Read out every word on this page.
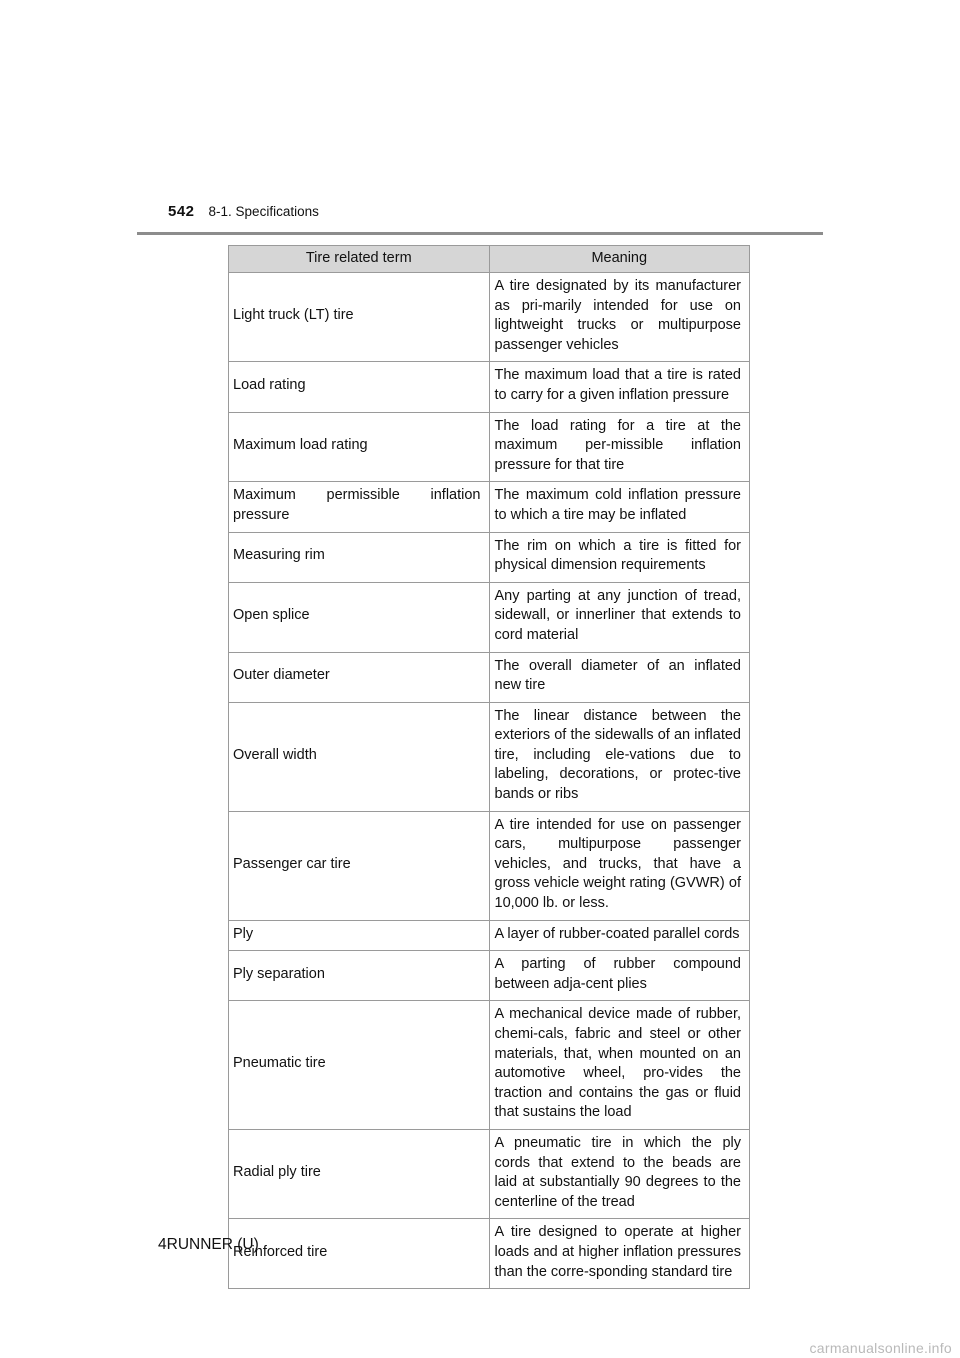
542 8-1. Specifications
Tire related term	Meaning
Light truck (LT) tire	A tire designated by its manufacturer as pri-marily intended for use on lightweight trucks or multipurpose passenger vehicles
Load rating	The maximum load that a tire is rated to carry for a given inflation pressure
Maximum load rating	The load rating for a tire at the maximum per-missible inflation pressure for that tire
Maximum permissible inflation pressure	The maximum cold inflation pressure to which a tire may be inflated
Measuring rim	The rim on which a tire is fitted for physical dimension requirements
Open splice	Any parting at any junction of tread, sidewall, or innerliner that extends to cord material
Outer diameter	The overall diameter of an inflated new tire
Overall width	The linear distance between the exteriors of the sidewalls of an inflated tire, including ele-vations due to labeling, decorations, or protec-tive bands or ribs
Passenger car tire	A tire intended for use on passenger cars, multipurpose passenger vehicles, and trucks, that have a gross vehicle weight rating (GVWR) of 10,000 lb. or less.
Ply	A layer of rubber-coated parallel cords
Ply separation	A parting of rubber compound between adja-cent plies
Pneumatic tire	A mechanical device made of rubber, chemi-cals, fabric and steel or other materials, that, when mounted on an automotive wheel, pro-vides the traction and contains the gas or fluid that sustains the load
Radial ply tire	A pneumatic tire in which the ply cords that extend to the beads are laid at substantially 90 degrees to the centerline of the tread
Reinforced tire	A tire designed to operate at higher loads and at higher inflation pressures than the corre-sponding standard tire
4RUNNER (U)
carmanualsonline.info
